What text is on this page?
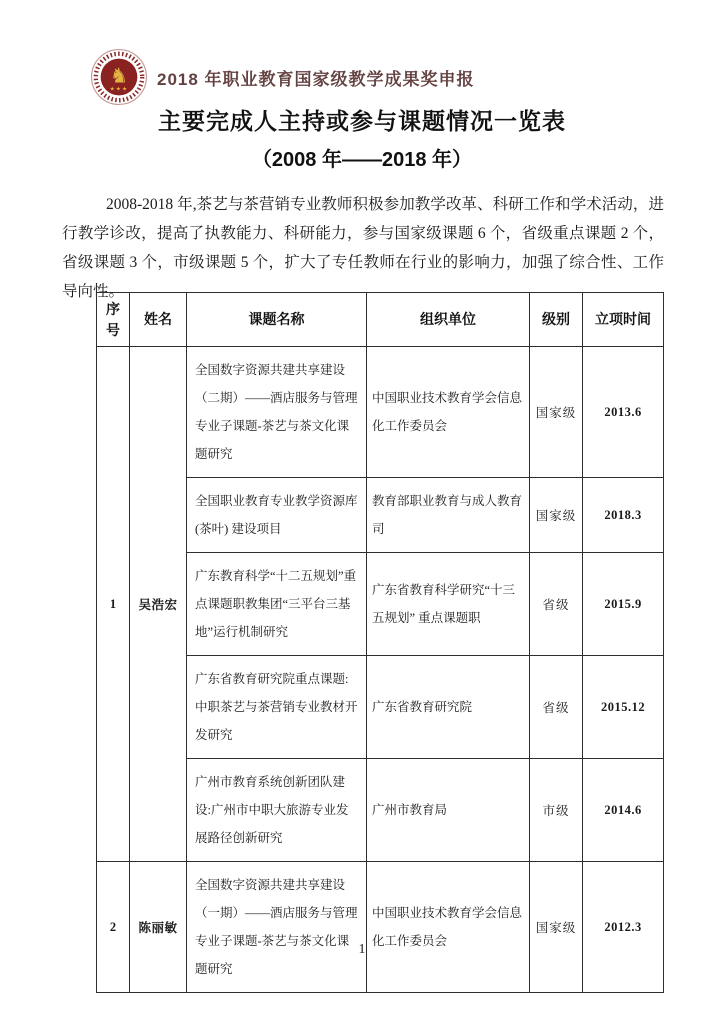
♞
★★★
2018 年职业教育国家级教学成果奖申报
主要完成人主持或参与课题情况一览表
（2008 年——2018 年）

2008-2018 年,茶艺与茶营销专业教师积极参加教学改革、科研工作和学术活动，进行教学诊改，提高了执教能力、科研能力，参与国家级课题 6 个，省级重点课题 2 个，省级课题 3 个，市级课题 5 个，扩大了专任教师在行业的影响力，加强了综合性、工作导向性。

序号	姓名	课题名称	组织单位	级别	立项时间
1	吴浩宏	全国数字资源共建共享建设（二期）——酒店服务与管理专业子课题-茶艺与茶文化课题研究	中国职业技术教育学会信息化工作委员会	国家级	2013.6
		全国职业教育专业教学资源库(茶叶) 建设项目	教育部职业教育与成人教育司	国家级	2018.3
		广东教育科学“十二五规划”重点课题职教集团“三平台三基地”运行机制研究	广东省教育科学研究“十三五规划” 重点课题职	省级	2015.9
		广东省教育研究院重点课题:中职茶艺与茶营销专业教材开发研究	广东省教育研究院	省级	2015.12
		广州市教育系统创新团队建设:广州市中职大旅游专业发展路径创新研究	广州市教育局	市级	2014.6
2	陈丽敏	全国数字资源共建共享建设（一期）——酒店服务与管理专业子课题-茶艺与茶文化课题研究	中国职业技术教育学会信息化工作委员会	国家级	2012.3
1
